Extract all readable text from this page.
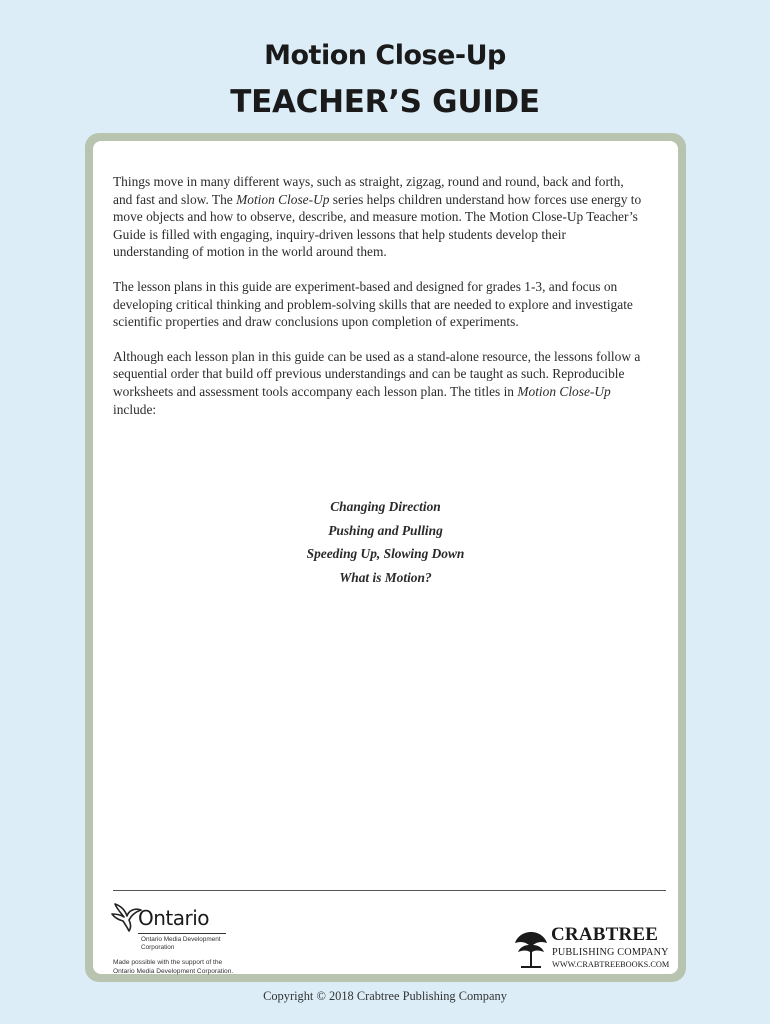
Motion Close-Up
TEACHER’S GUIDE

Things move in many different ways, such as straight, zigzag, round and round, back and forth, and fast and slow. The Motion Close-Up series helps children understand how forces use energy to move objects and how to observe, describe, and measure motion. The Motion Close-Up Teacher’s Guide is filled with engaging, inquiry-driven lessons that help students develop their understanding of motion in the world around them.

The lesson plans in this guide are experiment-based and designed for grades 1-3, and focus on developing critical thinking and problem-solving skills that are needed to explore and investigate scientific properties and draw conclusions upon completion of experiments.

Although each lesson plan in this guide can be used as a stand-alone resource, the lessons follow a sequential order that build off previous understandings and can be taught as such. Reproducible worksheets and assessment tools accompany each lesson plan. The titles in Motion Close-Up include:

Changing Direction
Pushing and Pulling
Speeding Up, Slowing Down
What is Motion?
Ontario
Ontario Media Development
Corporation
Made possible with the support of the
Ontario Media Development Corporation.
CRABTREE
PUBLISHING COMPANY
WWW.CRABTREEBOOKS.COM
Copyright © 2018 Crabtree Publishing Company
